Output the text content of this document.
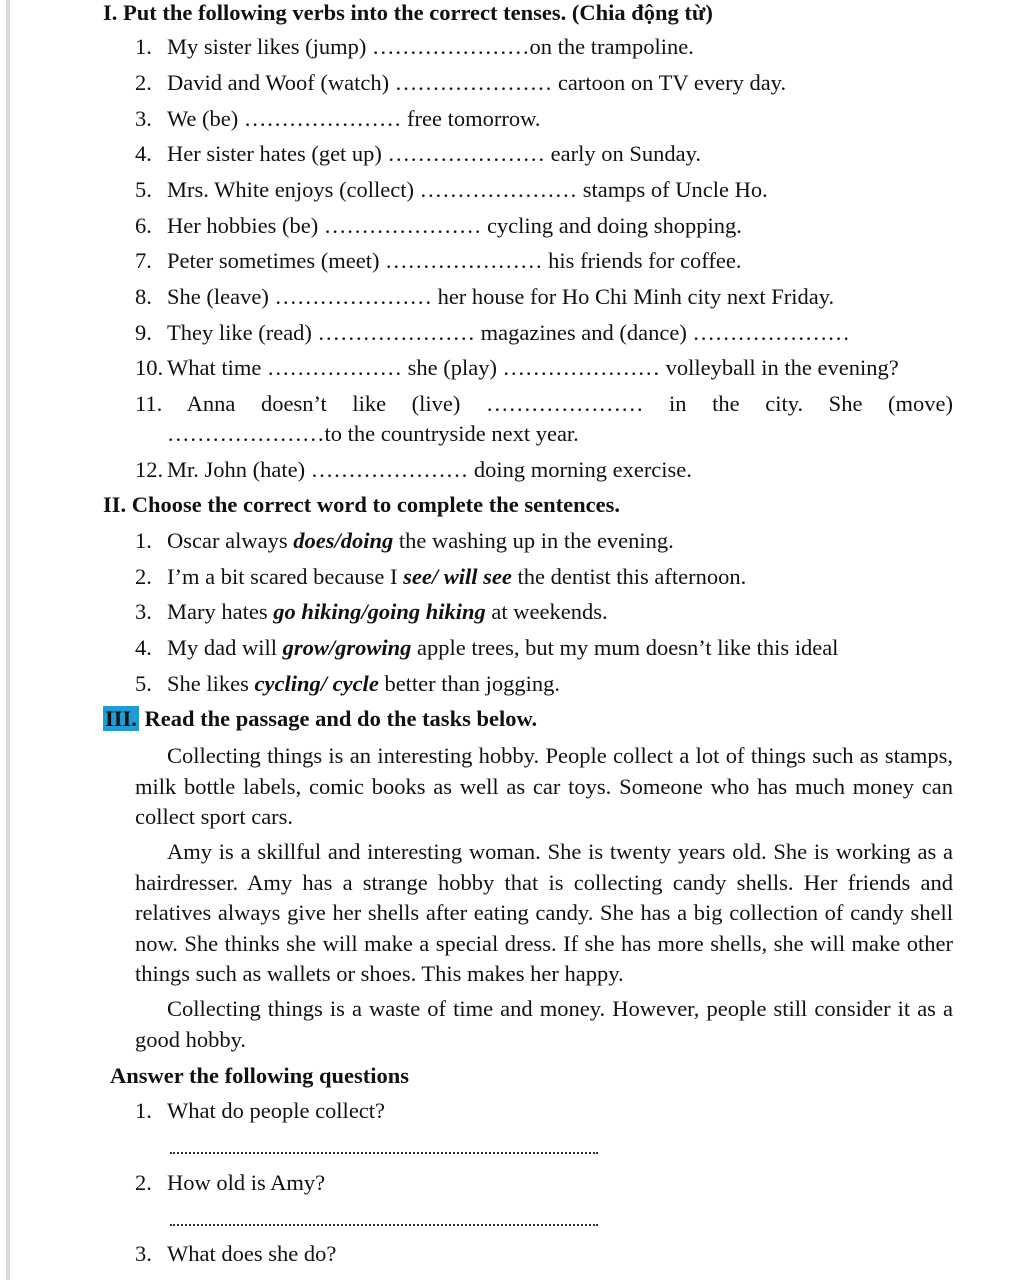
I. Put the following verbs into the correct tenses. (Chia động từ)
1. My sister likes (jump) …………………on the trampoline.
2. David and Woof (watch) ………………… cartoon on TV every day.
3. We (be) ………………… free tomorrow.
4. Her sister hates (get up) ………………… early on Sunday.
5. Mrs. White enjoys (collect) ………………… stamps of Uncle Ho.
6. Her hobbies (be) ………………… cycling and doing shopping.
7. Peter sometimes (meet) ………………… his friends for coffee.
8. She (leave) ………………… her house for Ho Chi Minh city next Friday.
9. They like (read) ………………… magazines and (dance) …………………
10. What time ……………… she (play) ………………… volleyball in the evening?
11. Anna doesn’t like (live) ………………… in the city. She (move)
…………………to the countryside next year.
12. Mr. John (hate) ………………… doing morning exercise.
II. Choose the correct word to complete the sentences.
1. Oscar always does/doing the washing up in the evening.
2. I’m a bit scared because I see/ will see the dentist this afternoon.
3. Mary hates go hiking/going hiking at weekends.
4. My dad will grow/growing apple trees, but my mum doesn’t like this ideal
5. She likes cycling/ cycle better than jogging.
III. Read the passage and do the tasks below.
Collecting things is an interesting hobby. People collect a lot of things such as stamps, milk bottle labels, comic books as well as car toys. Someone who has much money can collect sport cars.
Amy is a skillful and interesting woman. She is twenty years old. She is working as a hairdresser. Amy has a strange hobby that is collecting candy shells. Her friends and relatives always give her shells after eating candy. She has a big collection of candy shell now. She thinks she will make a special dress. If she has more shells, she will make other things such as wallets or shoes. This makes her happy.
Collecting things is a waste of time and money. However, people still consider it as a good hobby.
Answer the following questions
1. What do people collect?
2. How old is Amy?
3. What does she do?
